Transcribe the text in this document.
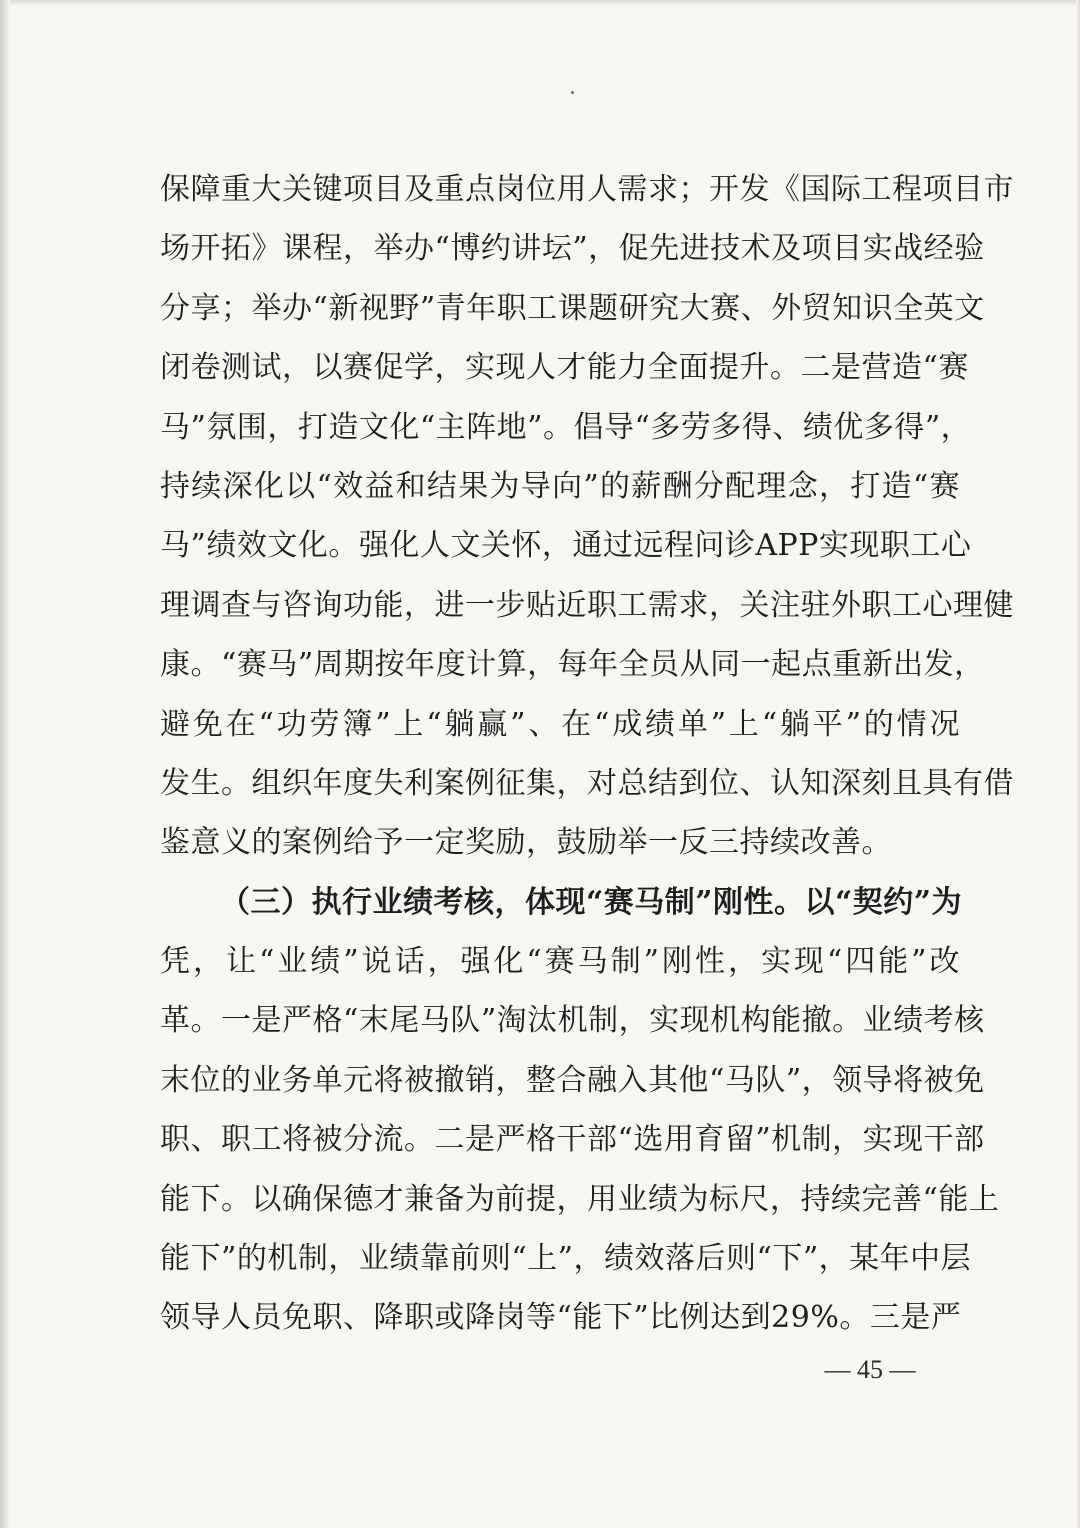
保障重大关键项目及重点岗位用人需求；开发《国际工程项目市
场开拓》课程，举办“博约讲坛”，促先进技术及项目实战经验
分享；举办“新视野”青年职工课题研究大赛、外贸知识全英文
闭卷测试，以赛促学，实现人才能力全面提升。二是营造“赛
马”氛围，打造文化“主阵地”。倡导“多劳多得、绩优多得”，
持续深化以“效益和结果为导向”的薪酬分配理念，打造“赛
马”绩效文化。强化人文关怀，通过远程问诊APP实现职工心
理调查与咨询功能，进一步贴近职工需求，关注驻外职工心理健
康。“赛马”周期按年度计算，每年全员从同一起点重新出发，
避免在“功劳簿”上“躺赢”、在“成绩单”上“躺平”的情况
发生。组织年度失利案例征集，对总结到位、认知深刻且具有借
鉴意义的案例给予一定奖励，鼓励举一反三持续改善。
（三）执行业绩考核，体现“赛马制”刚性。以“契约”为
凭，让“业绩”说话，强化“赛马制”刚性，实现“四能”改
革。一是严格“末尾马队”淘汰机制，实现机构能撤。业绩考核
末位的业务单元将被撤销，整合融入其他“马队”，领导将被免
职、职工将被分流。二是严格干部“选用育留”机制，实现干部
能下。以确保德才兼备为前提，用业绩为标尺，持续完善“能上
能下”的机制，业绩靠前则“上”，绩效落后则“下”，某年中层
领导人员免职、降职或降岗等“能下”比例达到29%。三是严
— 45 —
